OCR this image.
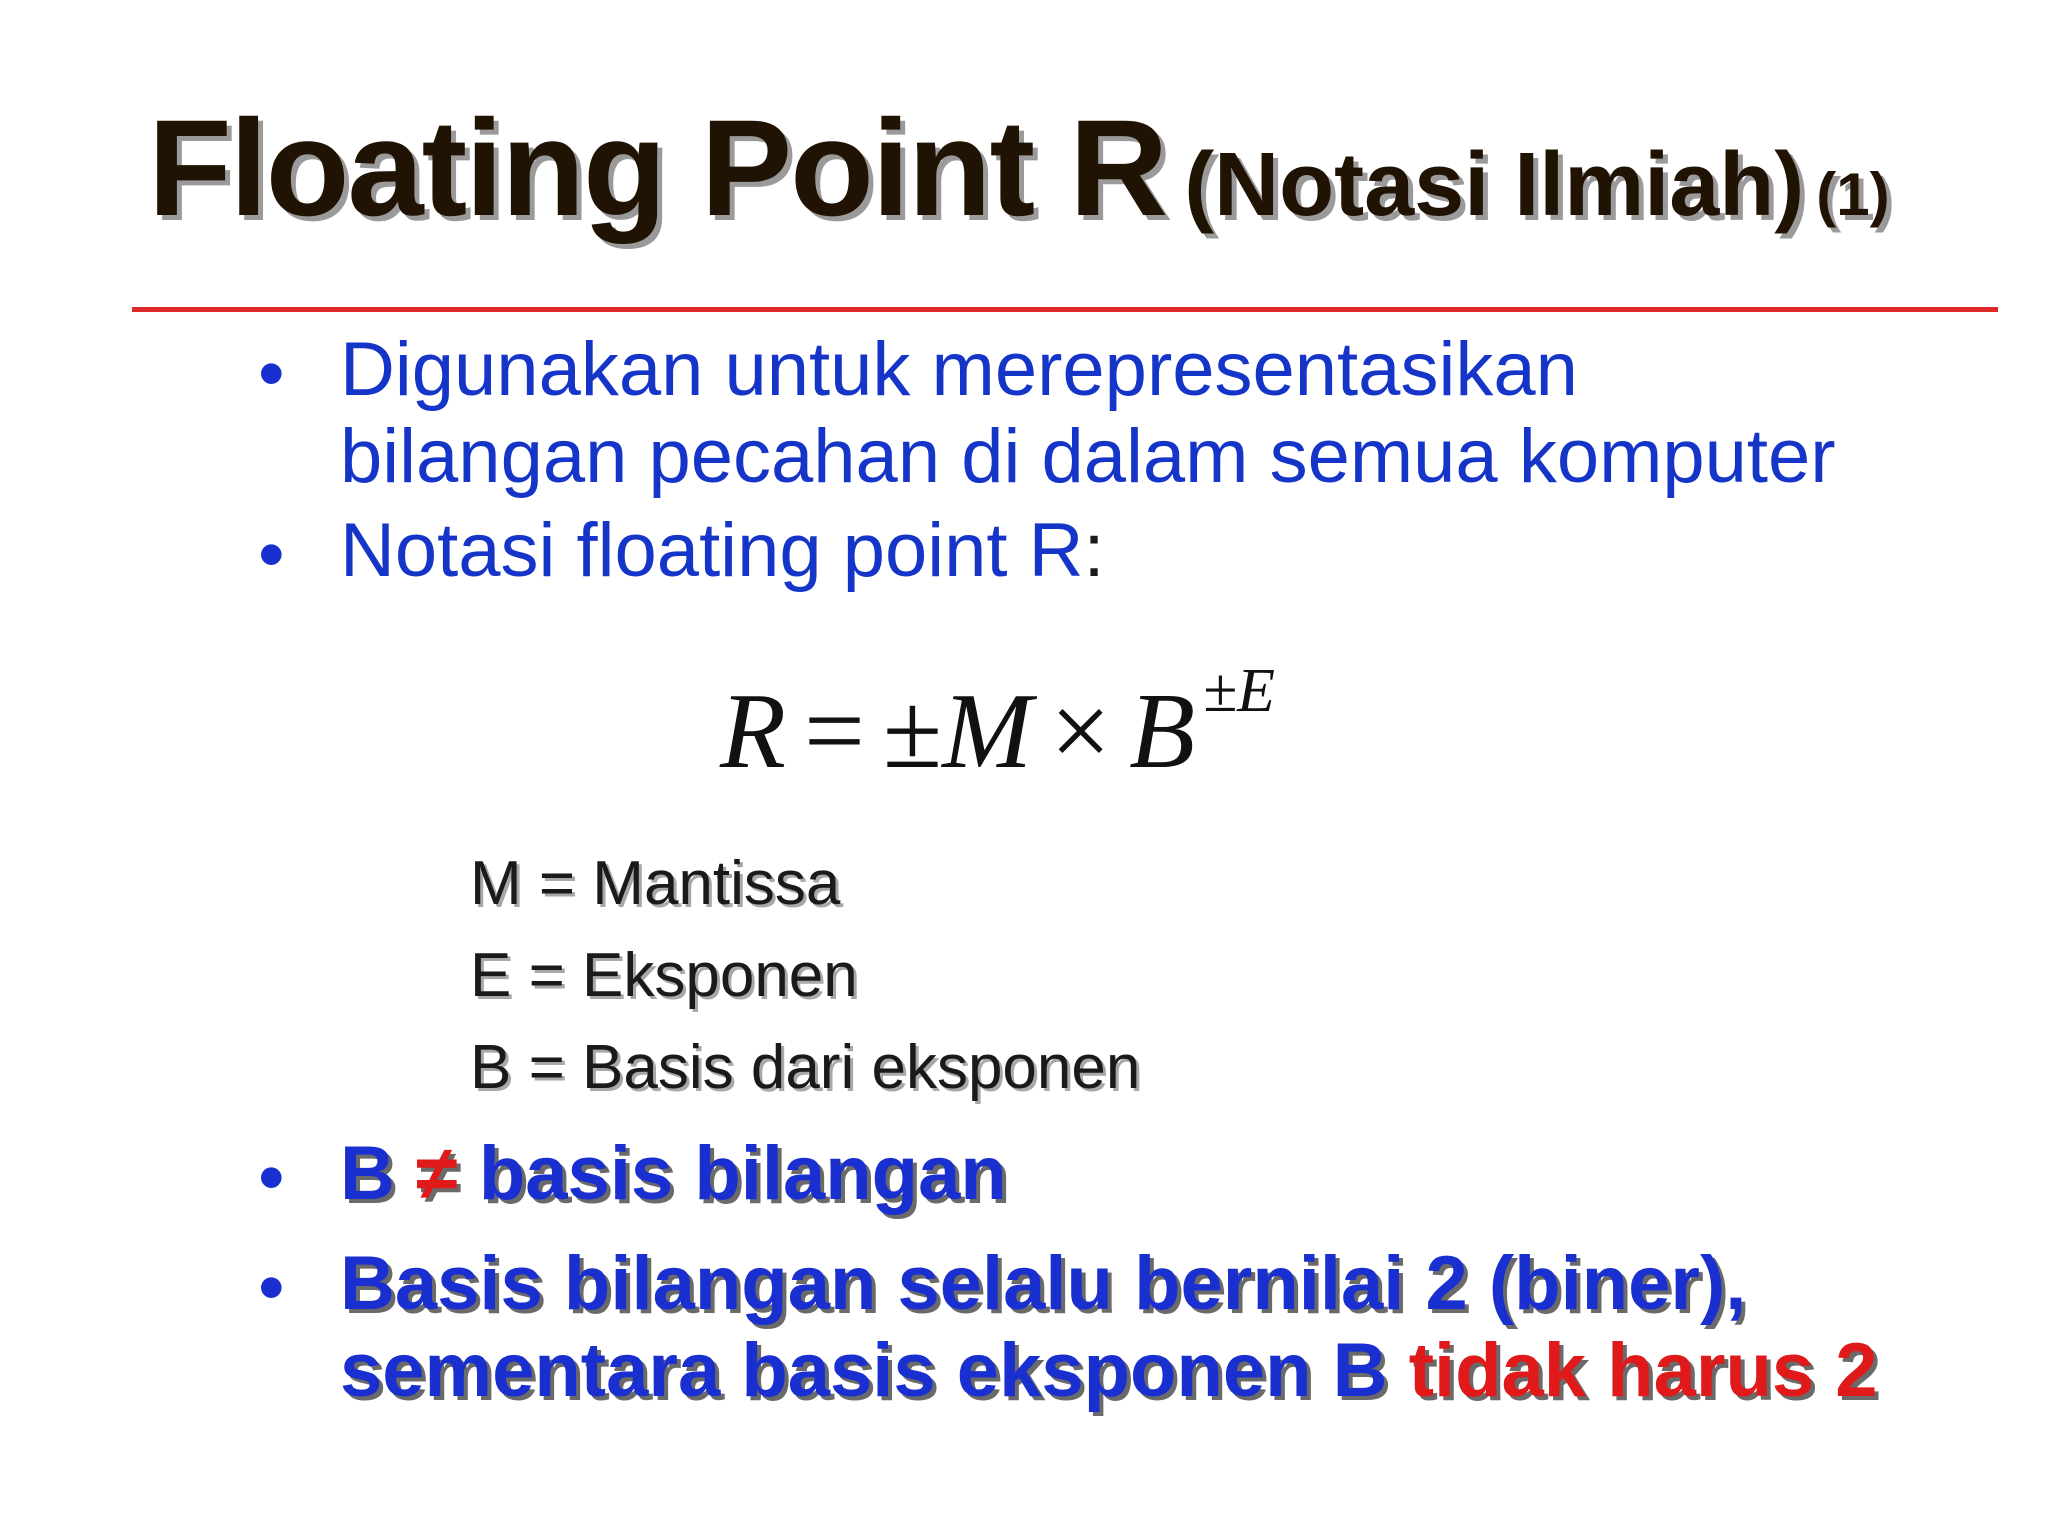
Floating Point R (Notasi Ilmiah) (1)
• Digunakan untuk merepresentasikan
bilangan pecahan di dalam semua komputer
• Notasi floating point R:
R = ±M × B $^{\pm E}$
M = Mantissa
E = Eksponen
B = Basis dari eksponen
• B ≠ basis bilangan
• Basis bilangan selalu bernilai 2 (biner),
sementara basis eksponen B tidak harus 2
